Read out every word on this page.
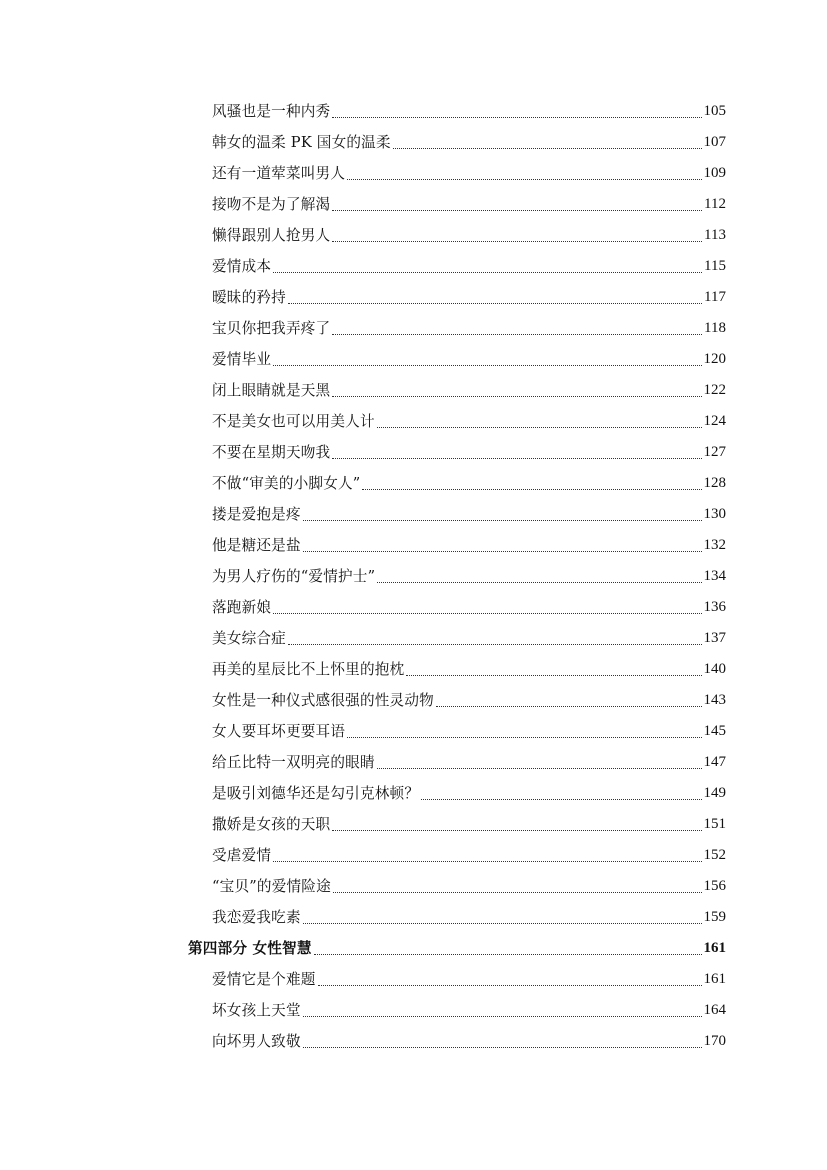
风骚也是一种内秀	105
韩女的温柔 PK 国女的温柔	107
还有一道荤菜叫男人	109
接吻不是为了解渴	112
懒得跟别人抢男人	113
爱情成本	115
暧昧的矜持	117
宝贝你把我弄疼了	118
爱情毕业	120
闭上眼睛就是天黑	122
不是美女也可以用美人计	124
不要在星期天吻我	127
不做“审美的小脚女人”	128
搂是爱抱是疼	130
他是糖还是盐	132
为男人疗伤的“爱情护士”	134
落跑新娘	136
美女综合症	137
再美的星辰比不上怀里的抱枕	140
女性是一种仪式感很强的性灵动物	143
女人要耳坏更要耳语	145
给丘比特一双明亮的眼睛	147
是吸引刘德华还是勾引克林顿？	149
撒娇是女孩的天职	151
受虐爱情	152
“宝贝”的爱情险途	156
我恋爱我吃素	159
第四部分 女性智慧	161
爱情它是个难题	161
坏女孩上天堂	164
向坏男人致敬	170
